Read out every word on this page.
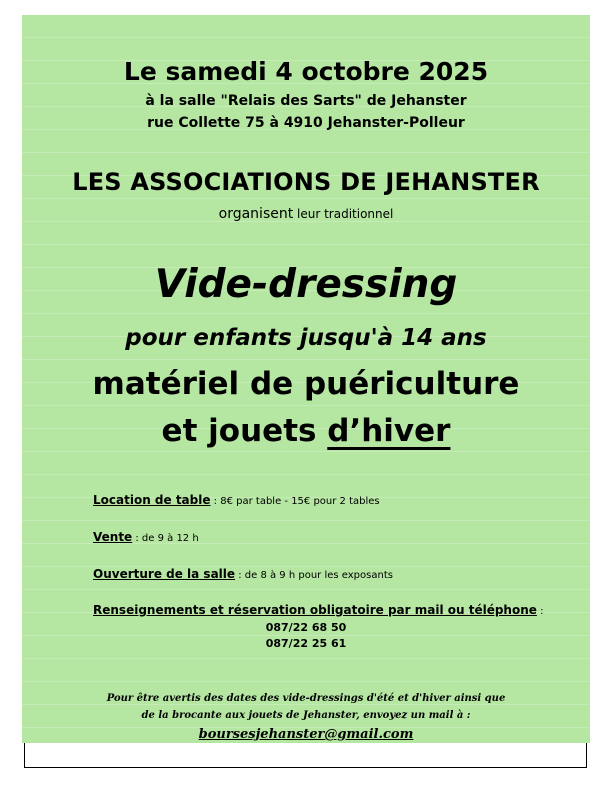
Le samedi 4 octobre 2025
à la salle "Relais des Sarts" de Jehanster
rue Collette 75 à 4910 Jehanster-Polleur
LES ASSOCIATIONS DE JEHANSTER
organisent leur traditionnel
Vide-dressing
pour enfants jusqu'à 14 ans
matériel de puériculture
et jouets d’hiver
Location de table : 8€ par table - 15€ pour 2 tables
Vente : de 9 à 12 h
Ouverture de la salle : de 8 à 9 h pour les exposants
Renseignements et réservation obligatoire par mail ou téléphone :
087/22 68 50
087/22 25 61
Pour être avertis des dates des vide-dressings d'été et d'hiver ainsi que
de la brocante aux jouets de Jehanster, envoyez un mail à :
boursesjehanster@gmail.com
